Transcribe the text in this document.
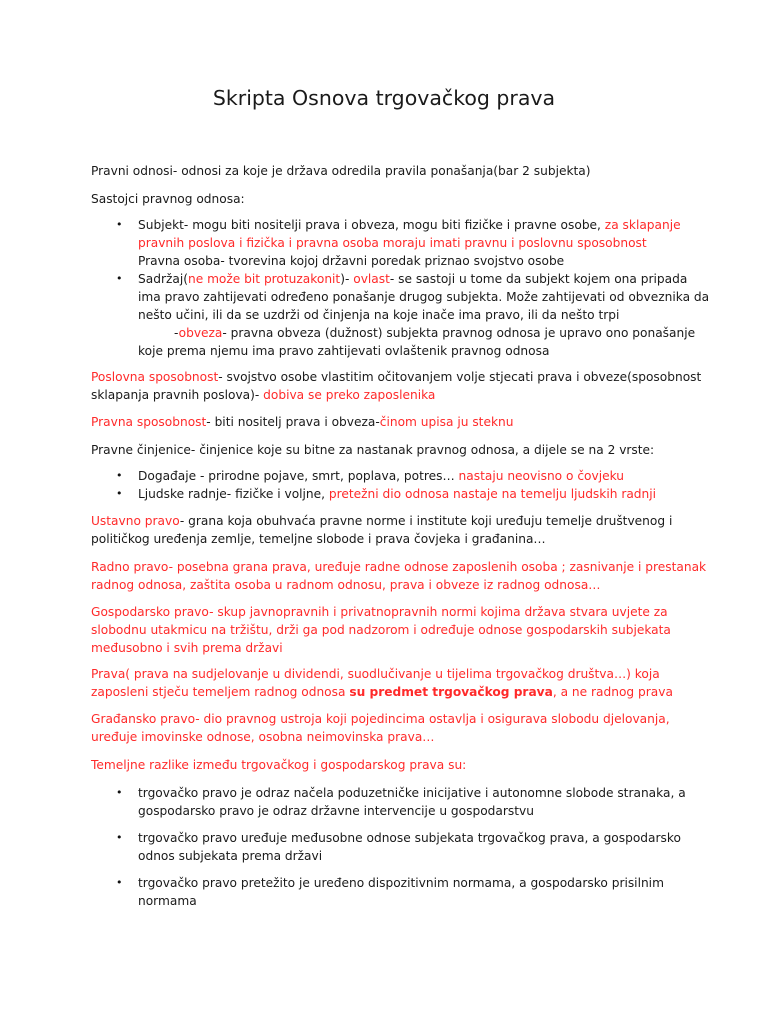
Skripta Osnova trgovačkog prava

Pravni odnosi- odnosi za koje je država odredila pravila ponašanja(bar 2 subjekta)

Sastojci pravnog odnosa:

• Subjekt- mogu biti nositelji prava i obveza, mogu biti fizičke i pravne osobe, za sklapanje

pravnih poslova i fizička i pravna osoba moraju imati pravnu i poslovnu sposobnost

Pravna osoba- tvorevina kojoj državni poredak priznao svojstvo osobe

• Sadržaj(ne može bit protuzakonit)- ovlast- se sastoji u tome da subjekt kojem ona pripada

ima pravo zahtijevati određeno ponašanje drugog subjekta. Može zahtijevati od obveznika da

nešto učini, ili da se uzdrži od činjenja na koje inače ima pravo, ili da nešto trpi

-obveza- pravna obveza (dužnost) subjekta pravnog odnosa je upravo ono ponašanje

koje prema njemu ima pravo zahtijevati ovlaštenik pravnog odnosa

Poslovna sposobnost- svojstvo osobe vlastitim očitovanjem volje stjecati prava i obveze(sposobnost

sklapanja pravnih poslova)- dobiva se preko zaposlenika

Pravna sposobnost- biti nositelj prava i obveza-činom upisa ju steknu

Pravne činjenice- činjenice koje su bitne za nastanak pravnog odnosa, a dijele se na 2 vrste:

• Događaje - prirodne pojave, smrt, poplava, potres… nastaju neovisno o čovjeku

• Ljudske radnje- fizičke i voljne, pretežni dio odnosa nastaje na temelju ljudskih radnji

Ustavno pravo- grana koja obuhvaća pravne norme i institute koji uređuju temelje društvenog i

političkog uređenja zemlje, temeljne slobode i prava čovjeka i građanina…

Radno pravo- posebna grana prava, uređuje radne odnose zaposlenih osoba ; zasnivanje i prestanak

radnog odnosa, zaštita osoba u radnom odnosu, prava i obveze iz radnog odnosa…

Gospodarsko pravo- skup javnopravnih i privatnopravnih normi kojima država stvara uvjete za

slobodnu utakmicu na tržištu, drži ga pod nadzorom i određuje odnose gospodarskih subjekata

međusobno i svih prema državi

Prava( prava na sudjelovanje u dividendi, suodlučivanje u tijelima trgovačkog društva…) koja

zaposleni stječu temeljem radnog odnosa su predmet trgovačkog prava, a ne radnog prava

Građansko pravo- dio pravnog ustroja koji pojedincima ostavlja i osigurava slobodu djelovanja,

uređuje imovinske odnose, osobna neimovinska prava…

Temeljne razlike između trgovačkog i gospodarskog prava su:

• trgovačko pravo je odraz načela poduzetničke inicijative i autonomne slobode stranaka, a

gospodarsko pravo je odraz državne intervencije u gospodarstvu

• trgovačko pravo uređuje međusobne odnose subjekata trgovačkog prava, a gospodarsko

odnos subjekata prema državi

• trgovačko pravo pretežito je uređeno dispozitivnim normama, a gospodarsko prisilnim

normama
